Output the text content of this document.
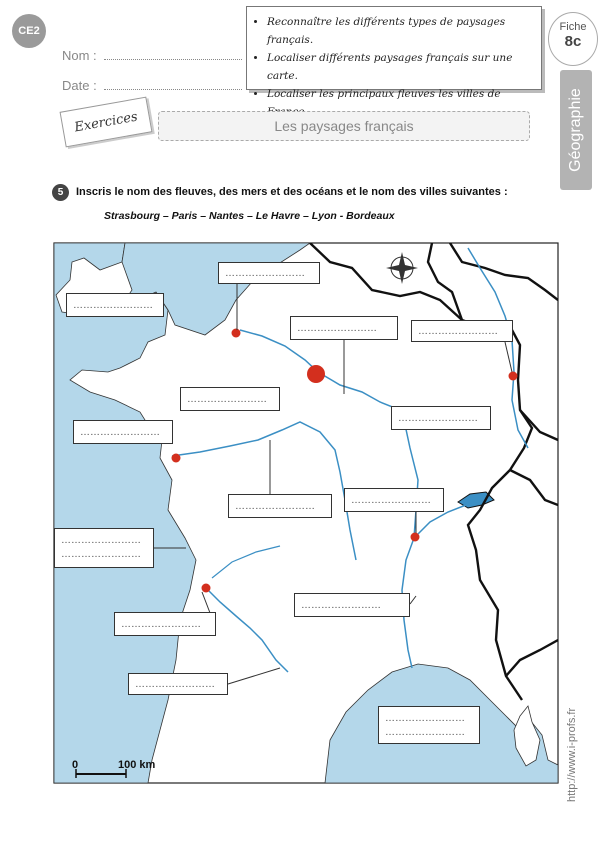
CE2
Nom :
Date :
• Reconnaître les différents types de paysages français.
• Localiser différents paysages français sur une carte.
• Localiser les principaux fleuves les villes de
Fiche
8c
Géographie
Exercices	Les paysages français
5	Inscris le nom des fleuves, des mers et des océans et le nom des villes suivantes :
Strasbourg – Paris – Nantes – Le Havre – Lyon - Bordeaux
0	100 km
……………………
……………………
……………………	……………………
……………………
……………………
……………………
……………………
……………………
……………………
……………………
……………………
……………………
……………………
……………………
……………………	http://www.i-profs.fr
